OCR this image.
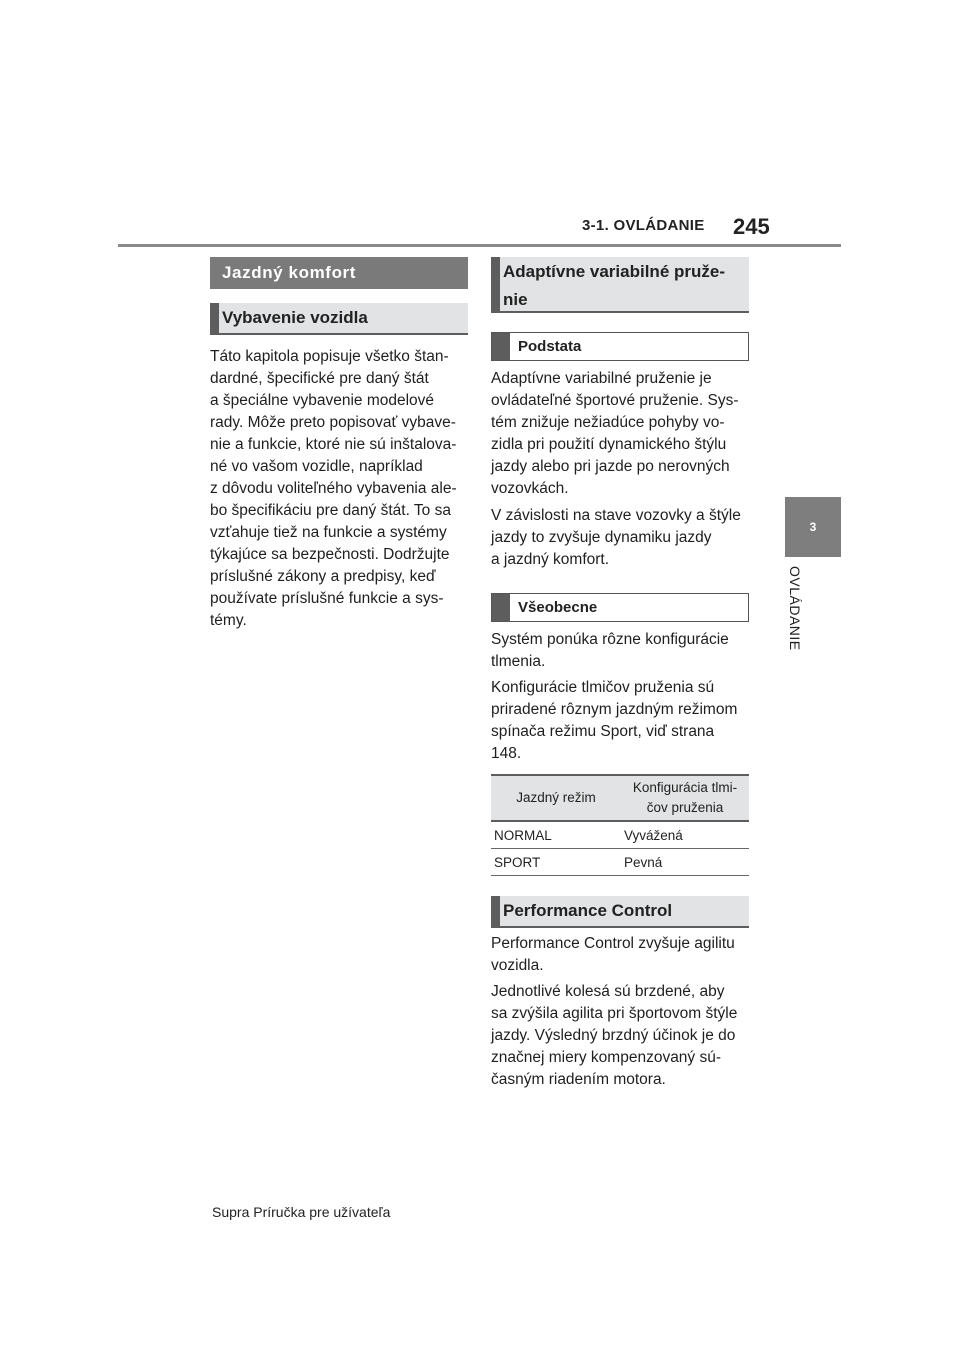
3-1. OVLÁDANIE 245
3
OVLÁDANIE
Jazdný komfort
Vybavenie vozidla
Táto kapitola popisuje všetko štan-
dardné, špecifické pre daný štát
a špeciálne vybavenie modelové
rady. Môže preto popisovať vybave-
nie a funkcie, ktoré nie sú inštalova-
né vo vašom vozidle, napríklad
z dôvodu voliteľného vybavenia ale-
bo špecifikáciu pre daný štát. To sa
vzťahuje tiež na funkcie a systémy
týkajúce sa bezpečnosti. Dodržujte
príslušné zákony a predpisy, keď
používate príslušné funkcie a sys-
témy.
Adaptívne variabilné pruže-
nie
Podstata
Adaptívne variabilné pruženie je
ovládateľné športové pruženie. Sys-
tém znižuje nežiadúce pohyby vo-
zidla pri použití dynamického štýlu
jazdy alebo pri jazde po nerovných
vozovkách.
V závislosti na stave vozovky a štýle
jazdy to zvyšuje dynamiku jazdy
a jazdný komfort.
Všeobecne
Systém ponúka rôzne konfigurácie
tlmenia.
Konfigurácie tlmičov pruženia sú
priradené rôznym jazdným režimom
spínača režimu Sport, viď strana
148.
Jazdný režim	Konfigurácia tlmi-
čov pruženia
NORMAL	Vyvážená
SPORT	Pevná
Performance Control
Performance Control zvyšuje agilitu
vozidla.
Jednotlivé kolesá sú brzdené, aby
sa zvýšila agilita pri športovom štýle
jazdy. Výsledný brzdný účinok je do
značnej miery kompenzovaný sú-
časným riadením motora.
Supra Príručka pre užívateľa
